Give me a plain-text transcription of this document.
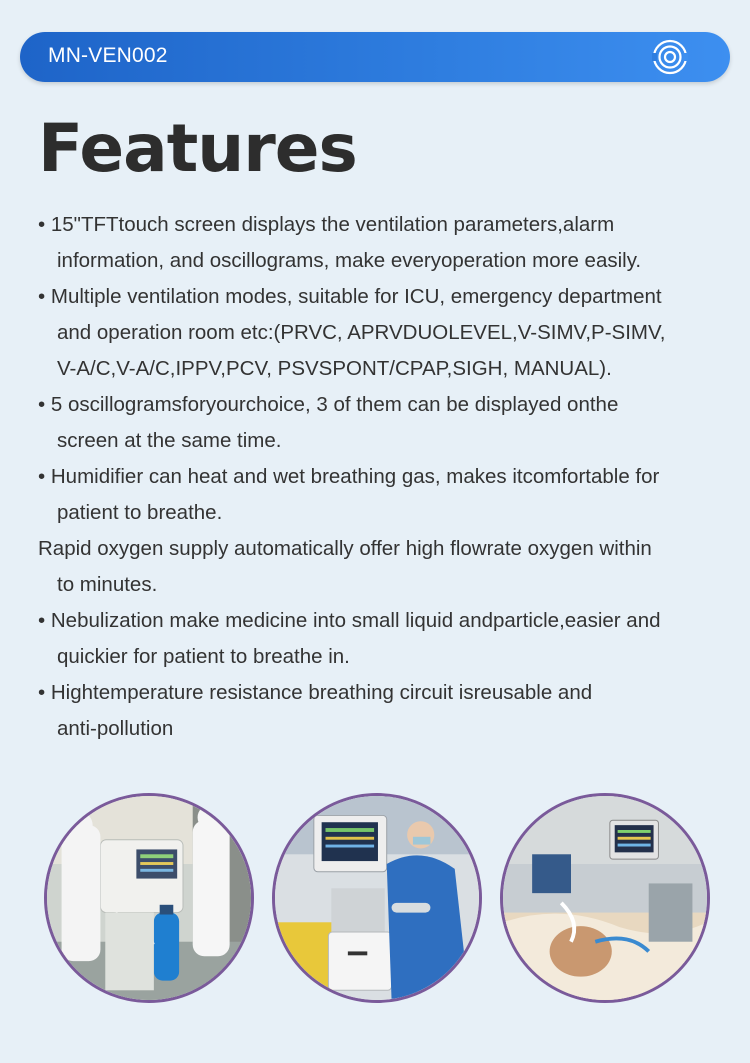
MN-VEN002
Features
• 15"TFTtouch screen displays the ventilation parameters,alarm
information, and oscillograms, make everyoperation more easily.
• Multiple ventilation modes, suitable for ICU, emergency department
and operation room etc:(PRVC, APRVDUOLEVEL,V-SIMV,P-SIMV,
V-A/C,V-A/C,IPPV,PCV, PSVSPONT/CPAP,SIGH, MANUAL).
• 5 oscillogramsforyourchoice, 3 of them can be displayed onthe
screen at the same time.
• Humidifier can heat and wet breathing gas, makes itcomfortable for
patient to breathe.
Rapid oxygen supply automatically offer high flowrate oxygen within
to minutes.
• Nebulization make medicine into small liquid andparticle,easier and
quickier for patient to breathe in.
• Hightemperature resistance breathing circuit isreusable and
anti-pollution
